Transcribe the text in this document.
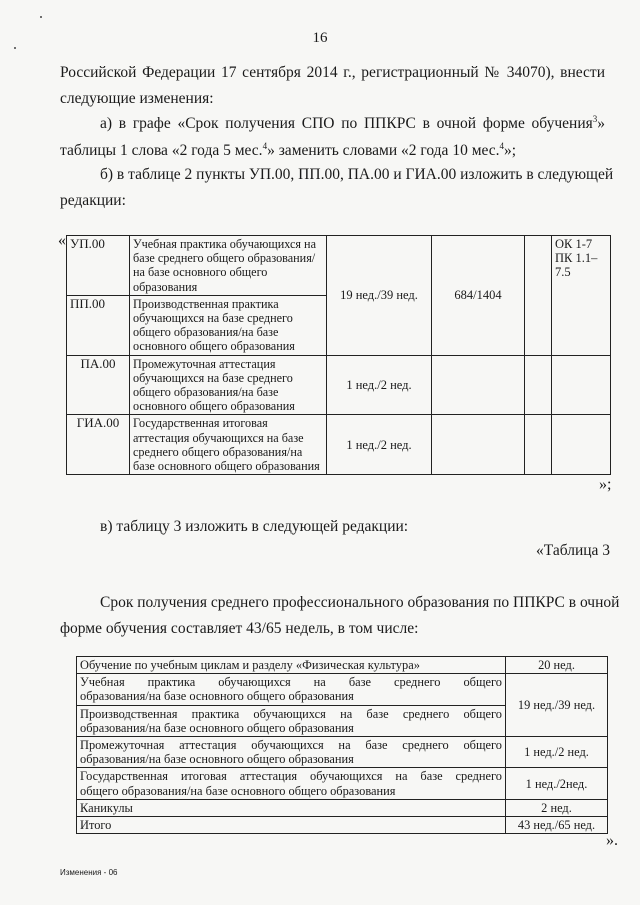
16
Российской Федерации 17 сентября 2014 г., регистрационный № 34070), внести
следующие изменения:
а) в графе «Срок получения СПО по ППКРС в очной форме обучения$^3$»
таблицы 1 слова «2 года 5 мес.$^4$» заменить словами «2 года 10 мес.$^4$»;
б) в таблице 2 пункты УП.00, ПП.00, ПА.00 и ГИА.00 изложить в следующей
редакции:
« УП.00	Учебная практика обучающихся на базе среднего общего образования/на базе основного общего образования	19 нед./39 нед.	684/1404		ОК 1-7
ПК 1.1–7.5

ПП.00	Производственная практика обучающихся на базе среднего общего образования/на базе основного общего образования				
ПА.00	Промежуточная аттестация обучающихся на базе среднего общего образования/на базе основного общего образования	1 нед./2 нед.			
ГИА.00	Государственная итоговая аттестация обучающихся на базе среднего общего образования/на базе основного общего образования	1 нед./2 нед.			
»;
в) таблицу 3 изложить в следующей редакции:
«Таблица 3
Срок получения среднего профессионального образования по ППКРС в очной
форме обучения составляет 43/65 недель, в том числе:
Обучение по учебным циклам и разделу «Физическая культура»	20 нед.

Учебная практика обучающихся на базе среднего общего
образования/на базе основного общего образования	19 нед./39 нед.

Производственная практика обучающихся на базе среднего общего
образования/на базе основного общего образования	

Промежуточная аттестация обучающихся на базе среднего общего
образования/на базе основного общего образования	1 нед./2 нед.

Государственная итоговая аттестация обучающихся на базе среднего
общего образования/на базе основного общего образования	1 нед./2нед.
Каникулы	2 нед.
Итого	43 нед./65 нед.
».
Изменения - 06
